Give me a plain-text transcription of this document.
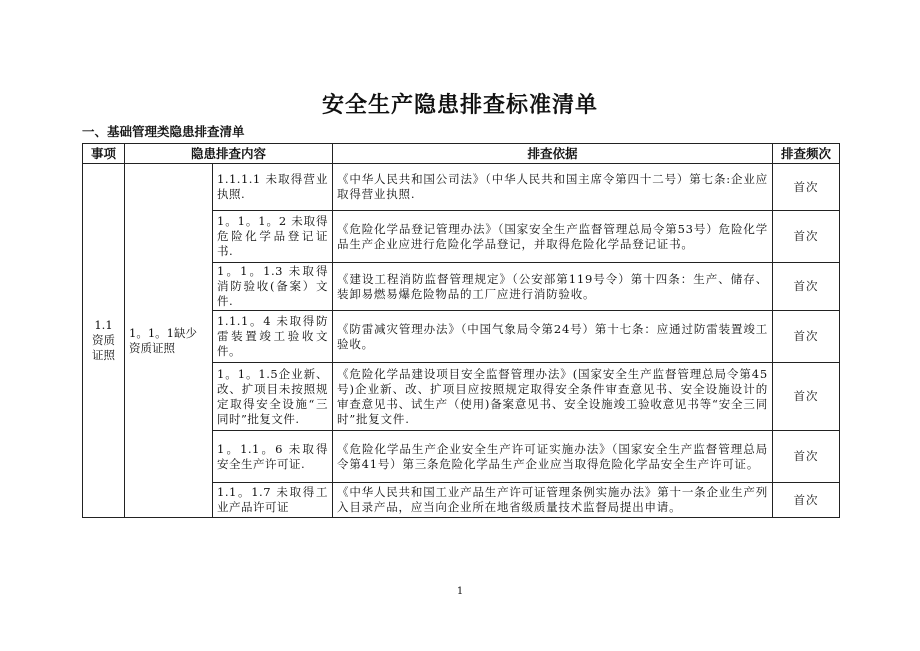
安全生产隐患排查标准清单
一、基础管理类隐患排查清单
事项	隐患排查内容		排查依据	排查频次
1.1 资质证照	1。1。1缺少资质证照	1.1.1.1 未取得营业执照.	《中华人民共和国公司法》（中华人民共和国主席令第四十二号）第七条:企业应取得营业执照.	首次
		1。1。1。2 未取得危险化学品登记证书.	《危险化学品登记管理办法》（国家安全生产监督管理总局令第53号）危险化学品生产企业应进行危险化学品登记，并取得危险化学品登记证书。	首次
		1。1。1.3 未取得消防验收(备案）文件.	《建设工程消防监督管理规定》（公安部第119号令）第十四条：生产、储存、装卸易燃易爆危险物品的工厂应进行消防验收。	首次
		1.1.1。4 未取得防雷装置竣工验收文件。	《防雷减灾管理办法》（中国气象局令第24号）第十七条：应通过防雷装置竣工验收。	首次
		1。1。1.5企业新、改、扩项目未按照规定取得安全设施“三同时”批复文件.	《危险化学品建设项目安全监督管理办法》(国家安全生产监督管理总局令第45号)企业新、改、扩项目应按照规定取得安全条件审查意见书、安全设施设计的审查意见书、试生产（使用)备案意见书、安全设施竣工验收意见书等“安全三同时”批复文件.	首次
		1。1.1。6 未取得安全生产许可证.	《危险化学品生产企业安全生产许可证实施办法》（国家安全生产监督管理总局令第41号）第三条危险化学品生产企业应当取得危险化学品安全生产许可证。	首次
		1.1。1.7 未取得工业产品许可证	《中华人民共和国工业产品生产许可证管理条例实施办法》第十一条企业生产列入目录产品，应当向企业所在地省级质量技术监督局提出申请。	首次
1
